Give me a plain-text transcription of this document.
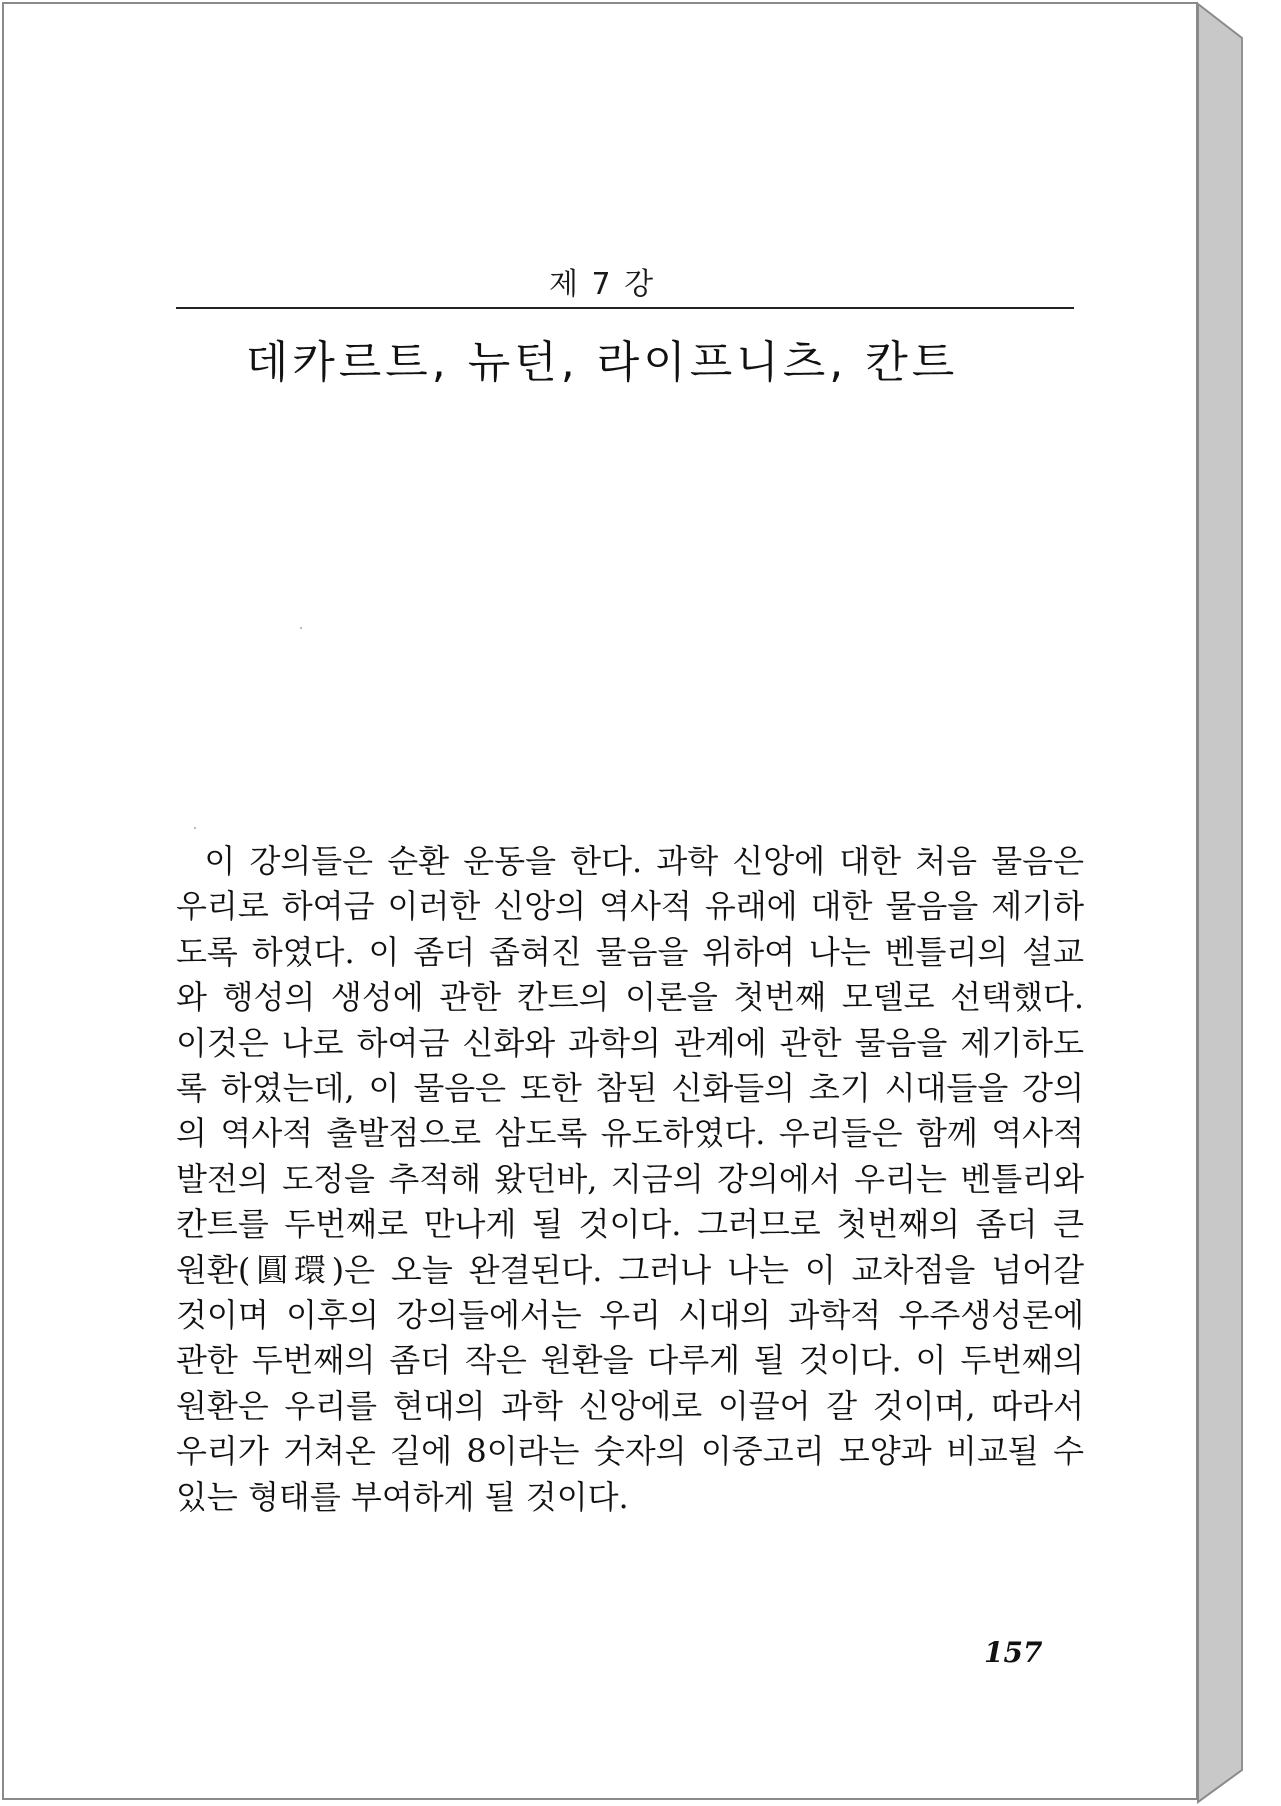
제 7 강
데카르트, 뉴턴, 라이프니츠, 칸트
이 강의들은 순환 운동을 한다. 과학 신앙에 대한 처음 물음은
우리로 하여금 이러한 신앙의 역사적 유래에 대한 물음을 제기하
도록 하였다. 이 좀더 좁혀진 물음을 위하여 나는 벤틀리의 설교
와 행성의 생성에 관한 칸트의 이론을 첫번째 모델로 선택했다.
이것은 나로 하여금 신화와 과학의 관계에 관한 물음을 제기하도
록 하였는데, 이 물음은 또한 참된 신화들의 초기 시대들을 강의
의 역사적 출발점으로 삼도록 유도하였다. 우리들은 함께 역사적
발전의 도정을 추적해 왔던바, 지금의 강의에서 우리는 벤틀리와
칸트를 두번째로 만나게 될 것이다. 그러므로 첫번째의 좀더 큰
원환(圓環)은 오늘 완결된다. 그러나 나는 이 교차점을 넘어갈
것이며 이후의 강의들에서는 우리 시대의 과학적 우주생성론에
관한 두번째의 좀더 작은 원환을 다루게 될 것이다. 이 두번째의
원환은 우리를 현대의 과학 신앙에로 이끌어 갈 것이며, 따라서
우리가 거쳐온 길에 8이라는 숫자의 이중고리 모양과 비교될 수
있는 형태를 부여하게 될 것이다.
157
